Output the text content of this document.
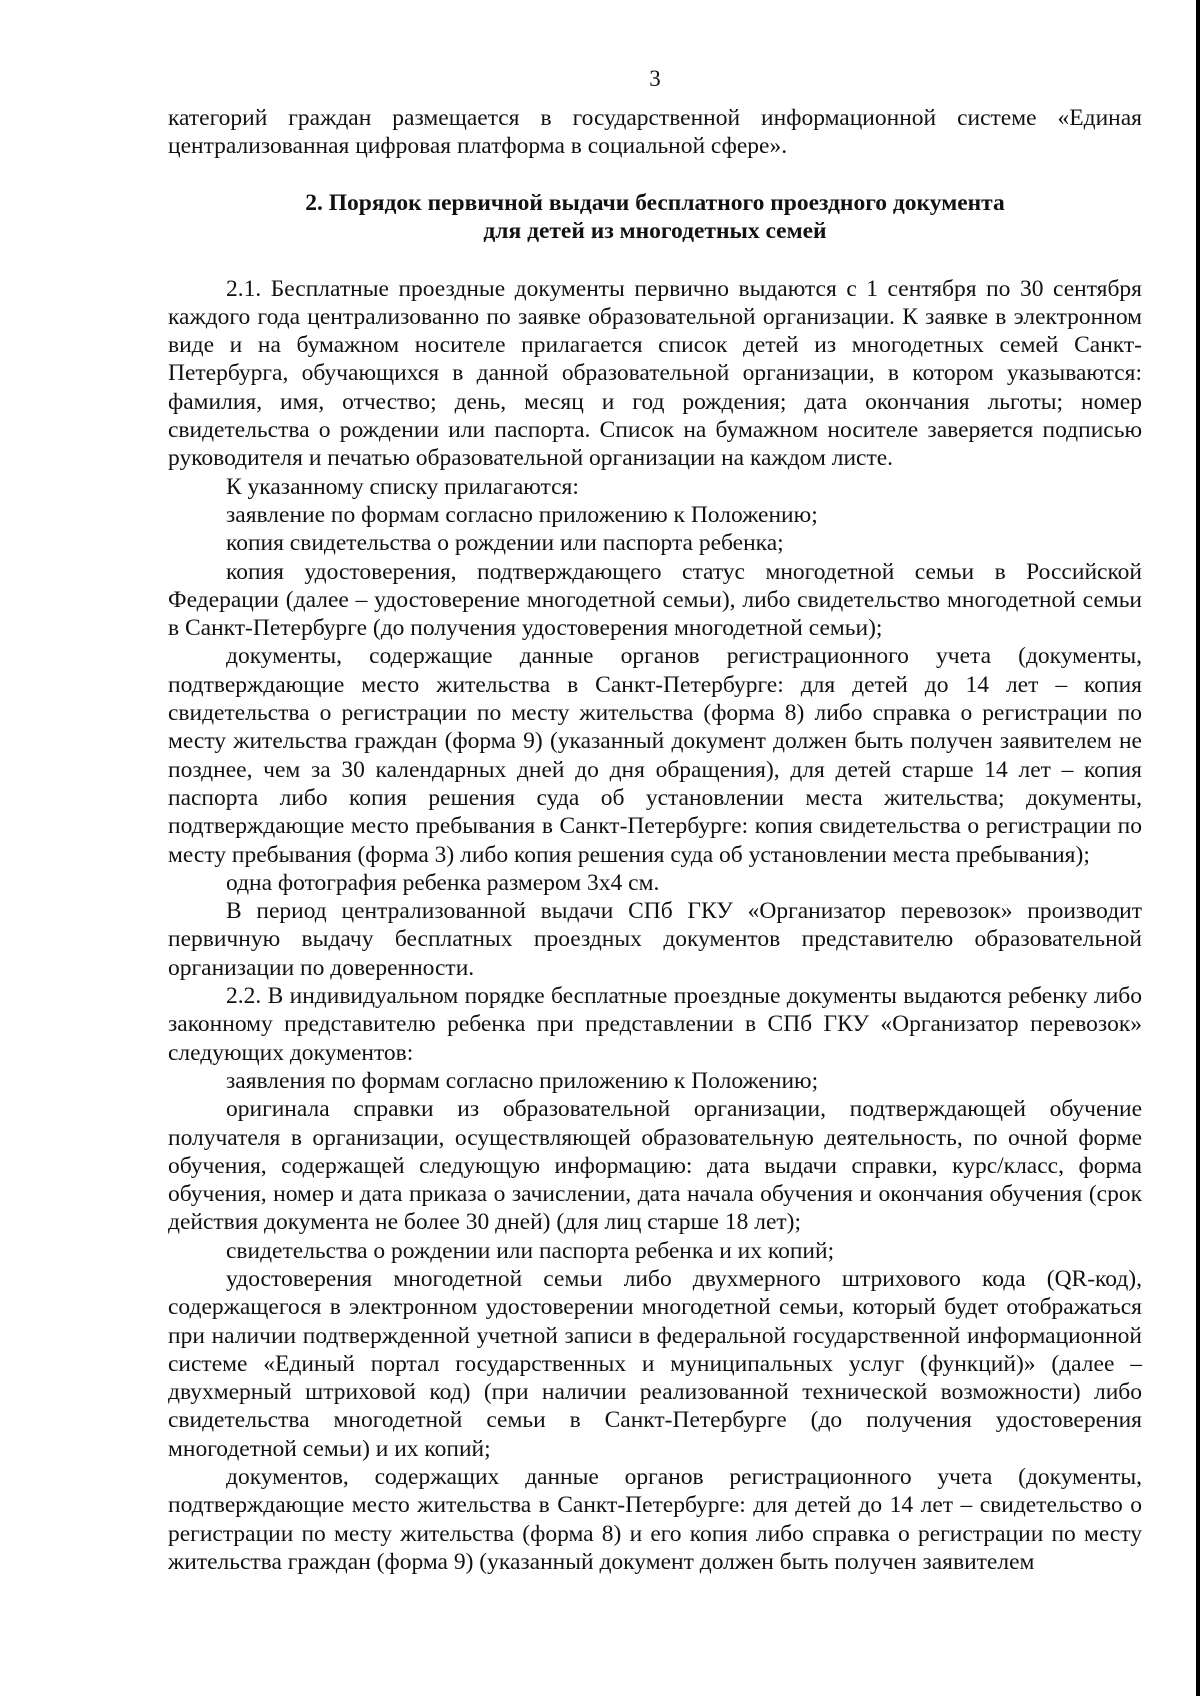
3

категорий граждан размещается в государственной информационной системе «Единая централизованная цифровая платформа в социальной сфере».

2. Порядок первичной выдачи бесплатного проездного документа
для детей из многодетных семей

2.1. Бесплатные проездные документы первично выдаются с 1 сентября по 30 сентября каждого года централизованно по заявке образовательной организации. К заявке в электронном виде и на бумажном носителе прилагается список детей из многодетных семей Санкт-Петербурга, обучающихся в данной образовательной организации, в котором указываются: фамилия, имя, отчество; день, месяц и год рождения; дата окончания льготы; номер свидетельства о рождении или паспорта. Список на бумажном носителе заверяется подписью руководителя и печатью образовательной организации на каждом листе.

К указанному списку прилагаются:

заявление по формам согласно приложению к Положению;

копия свидетельства о рождении или паспорта ребенка;

копия удостоверения, подтверждающего статус многодетной семьи в Российской Федерации (далее – удостоверение многодетной семьи), либо свидетельство многодетной семьи в Санкт-Петербурге (до получения удостоверения многодетной семьи);

документы, содержащие данные органов регистрационного учета (документы, подтверждающие место жительства в Санкт-Петербурге: для детей до 14 лет – копия свидетельства о регистрации по месту жительства (форма 8) либо справка о регистрации по месту жительства граждан (форма 9) (указанный документ должен быть получен заявителем не позднее, чем за 30 календарных дней до дня обращения), для детей старше 14 лет – копия паспорта либо копия решения суда об установлении места жительства; документы, подтверждающие место пребывания в Санкт-Петербурге: копия свидетельства о регистрации по месту пребывания (форма 3) либо копия решения суда об установлении места пребывания);

одна фотография ребенка размером 3x4 см.

В период централизованной выдачи СПб ГКУ «Организатор перевозок» производит первичную выдачу бесплатных проездных документов представителю образовательной организации по доверенности.

2.2. В индивидуальном порядке бесплатные проездные документы выдаются ребенку либо законному представителю ребенка при представлении в СПб ГКУ «Организатор перевозок» следующих документов:

заявления по формам согласно приложению к Положению;

оригинала справки из образовательной организации, подтверждающей обучение получателя в организации, осуществляющей образовательную деятельность, по очной форме обучения, содержащей следующую информацию: дата выдачи справки, курс/класс, форма обучения, номер и дата приказа о зачислении, дата начала обучения и окончания обучения (срок действия документа не более 30 дней) (для лиц старше 18 лет);

свидетельства о рождении или паспорта ребенка и их копий;

удостоверения многодетной семьи либо двухмерного штрихового кода (QR-код), содержащегося в электронном удостоверении многодетной семьи, который будет отображаться при наличии подтвержденной учетной записи в федеральной государственной информационной системе «Единый портал государственных и муниципальных услуг (функций)» (далее – двухмерный штриховой код) (при наличии реализованной технической возможности) либо свидетельства многодетной семьи в Санкт-Петербурге (до получения удостоверения многодетной семьи) и их копий;

документов, содержащих данные органов регистрационного учета (документы, подтверждающие место жительства в Санкт-Петербурге: для детей до 14 лет – свидетельство о регистрации по месту жительства (форма 8) и его копия либо справка о регистрации по месту жительства граждан (форма 9) (указанный документ должен быть получен заявителем
